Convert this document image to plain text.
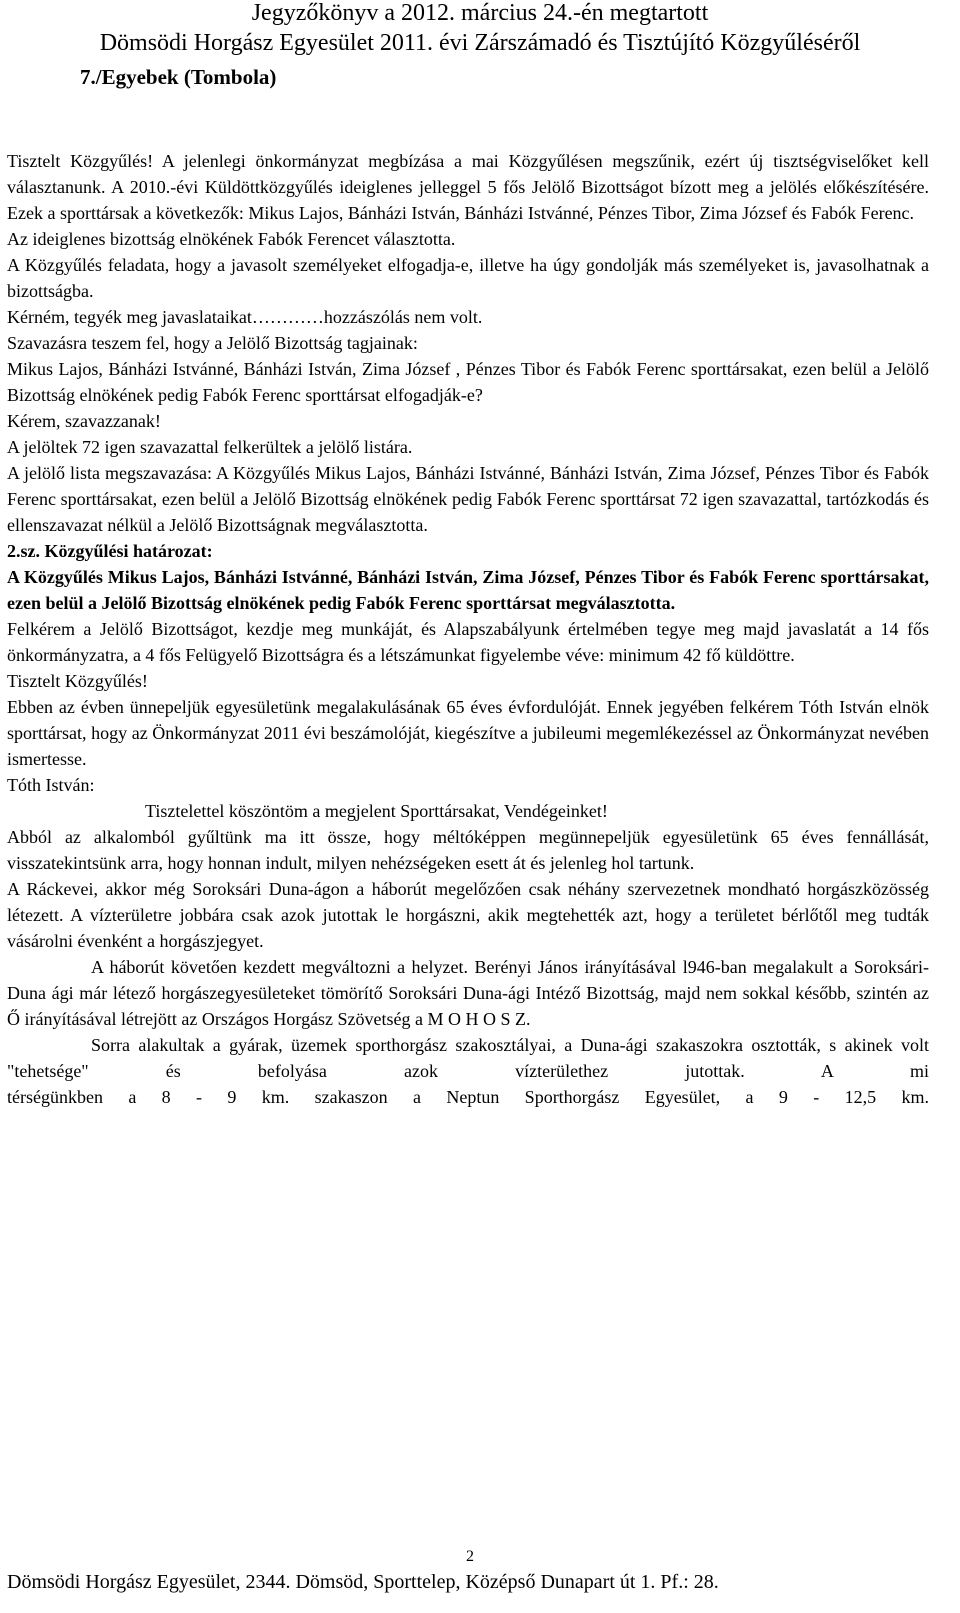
Jegyzőkönyv a 2012. március 24.-én megtartott
Dömsödi Horgász Egyesület 2011. évi Zárszámadó és Tisztújító Közgyűléséről
7./Egyebek (Tombola)

Tisztelt Közgyűlés! A jelenlegi önkormányzat megbízása a mai Közgyűlésen megszűnik, ezért új tisztségviselőket kell választanunk. A 2010.-évi Küldöttközgyűlés ideiglenes jelleggel 5 fős Jelölő Bizottságot bízott meg a jelölés előkészítésére. Ezek a sporttársak a következők: Mikus Lajos, Bánházi István, Bánházi Istvánné, Pénzes Tibor, Zima József és Fabók Ferenc.

Az ideiglenes bizottság elnökének Fabók Ferencet választotta.

A Közgyűlés feladata, hogy a javasolt személyeket elfogadja-e, illetve ha úgy gondolják más személyeket is, javasolhatnak a bizottságba.

Kérném, tegyék meg javaslataikat…………hozzászólás nem volt.

Szavazásra teszem fel, hogy a Jelölő Bizottság tagjainak:

Mikus Lajos, Bánházi Istvánné, Bánházi István, Zima József , Pénzes Tibor és Fabók Ferenc sporttársakat, ezen belül a Jelölő Bizottság elnökének pedig Fabók Ferenc sporttársat elfogadják-e?

Kérem, szavazzanak!

A jelöltek 72 igen szavazattal felkerültek a jelölő listára.

A jelölő lista megszavazása: A Közgyűlés Mikus Lajos, Bánházi Istvánné, Bánházi István, Zima József, Pénzes Tibor és Fabók Ferenc sporttársakat, ezen belül a Jelölő Bizottság elnökének pedig Fabók Ferenc sporttársat 72 igen szavazattal, tartózkodás és ellenszavazat nélkül a Jelölő Bizottságnak megválasztotta.

2.sz. Közgyűlési határozat:

A Közgyűlés Mikus Lajos, Bánházi Istvánné, Bánházi István, Zima József, Pénzes Tibor és Fabók Ferenc sporttársakat, ezen belül a Jelölő Bizottság elnökének pedig Fabók Ferenc sporttársat megválasztotta.

Felkérem a Jelölő Bizottságot, kezdje meg munkáját, és Alapszabályunk értelmében tegye meg majd javaslatát a 14 fős önkormányzatra, a 4 fős Felügyelő Bizottságra és a létszámunkat figyelembe véve: minimum 42 fő küldöttre.

Tisztelt Közgyűlés!

Ebben az évben ünnepeljük egyesületünk megalakulásának 65 éves évfordulóját. Ennek jegyében felkérem Tóth István elnök sporttársat, hogy az Önkormányzat 2011 évi beszámolóját, kiegészítve a jubileumi megemlékezéssel az Önkormányzat nevében ismertesse.

Tóth István:

Tisztelettel köszöntöm a megjelent Sporttársakat, Vendégeinket!

Abból az alkalomból gyűltünk ma itt össze, hogy méltóképpen megünnepeljük egyesületünk 65 éves fennállását, visszatekintsünk arra, hogy honnan indult, milyen nehézségeken esett át és jelenleg hol tartunk.

A Ráckevei, akkor még Soroksári Duna-ágon a háborút megelőzően csak néhány szervezetnek mondható horgászközösség létezett. A vízterületre jobbára csak azok jutottak le horgászni, akik megtehették azt, hogy a területet bérlőtől meg tudták vásárolni évenként a horgászjegyet.

A háborút követően kezdett megváltozni a helyzet. Berényi János irányításával l946-ban megalakult a Soroksári-Duna ági már létező horgászegyesületeket tömörítő Soroksári Duna-ági Intéző Bizottság, majd nem sokkal később, szintén az Ő irányításával létrejött az Országos Horgász Szövetség a M O H O S Z.

Sorra alakultak a gyárak, üzemek sporthorgász szakosztályai, a Duna-ági szakaszokra osztották, s akinek volt "tehetsége" és befolyása azok vízterülethez jutottak. A mi

térségünkben a 8 - 9 km. szakaszon a Neptun Sporthorgász Egyesület, a 9 - 12,5 km.

2
Dömsödi Horgász Egyesület, 2344. Dömsöd, Sporttelep, Középső Dunapart út 1. Pf.: 28.
